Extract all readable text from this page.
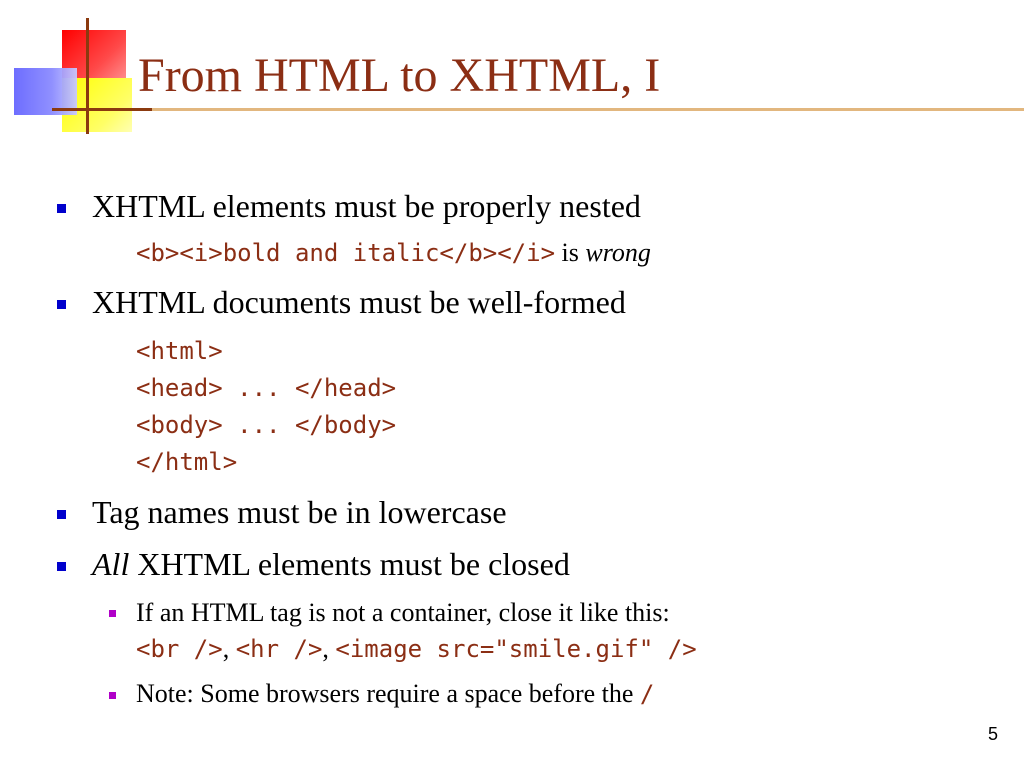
From HTML to XHTML, I
XHTML elements must be properly nested
<b><i>bold and italic</b></i> is wrong
XHTML documents must be well-formed
<html>
<head> ... </head>
<body> ... </body>
</html>
Tag names must be in lowercase
All XHTML elements must be closed
If an HTML tag is not a container, close it like this:
<br />, <hr />, <image src="smile.gif" />
Note: Some browsers require a space before the /
5
